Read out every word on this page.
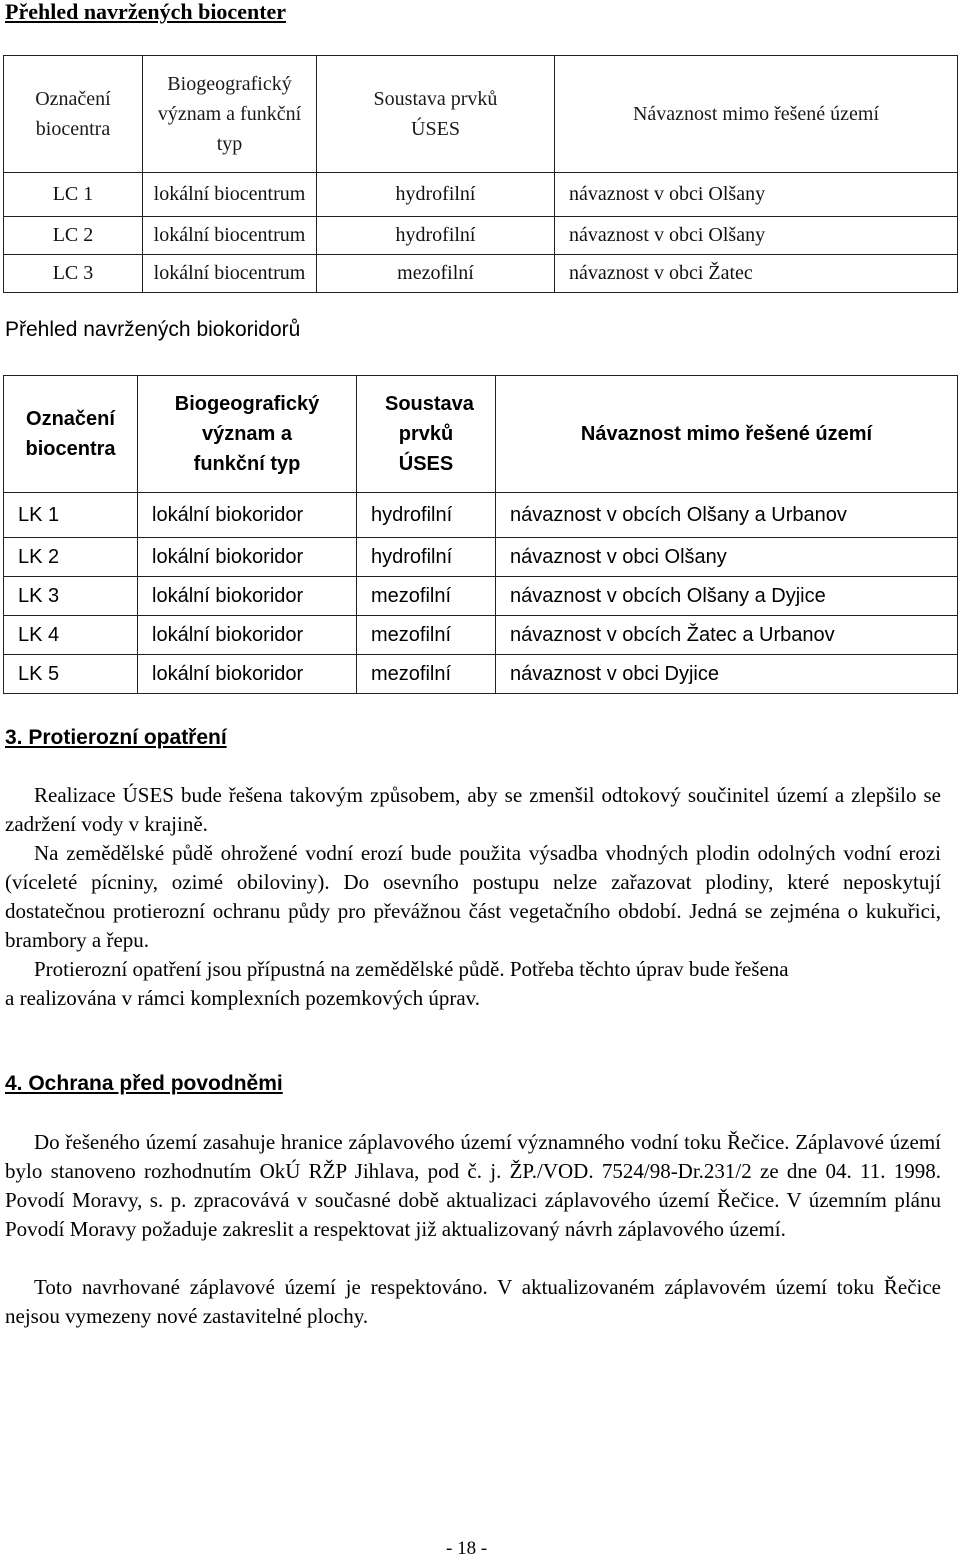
Přehled navržených biocenter
Označení biocentra	Biogeografický význam a funkční typ	Soustava prvků ÚSES	Návaznost mimo řešené území
LC 1	lokální biocentrum	hydrofilní	návaznost v obci Olšany
LC 2	lokální biocentrum	hydrofilní	návaznost v obci Olšany
LC 3	lokální biocentrum	mezofilní	návaznost v obci Žatec
Přehled navržených biokoridorů
Označení biocentra	Biogeografický význam a funkční typ	Soustava prvků ÚSES	Návaznost mimo řešené území
LK 1	lokální biokoridor	hydrofilní	návaznost v obcích Olšany a Urbanov
LK 2	lokální biokoridor	hydrofilní	návaznost v obci Olšany
LK 3	lokální biokoridor	mezofilní	návaznost v obcích Olšany a Dyjice
LK 4	lokální biokoridor	mezofilní	návaznost v obcích Žatec a Urbanov
LK 5	lokální biokoridor	mezofilní	návaznost v obci Dyjice
3. Protierozní opatření
Realizace ÚSES bude řešena takovým způsobem, aby se zmenšil odtokový součinitel území a zlepšilo se zadržení vody v krajině.
Na zemědělské půdě ohrožené vodní erozí bude použita výsadba vhodných plodin odolných vodní erozi (víceleté pícniny, ozimé obiloviny). Do osevního postupu nelze zařazovat plodiny, které neposkytují dostatečnou protierozní ochranu půdy pro převážnou část vegetačního období. Jedná se zejména o kukuřici, brambory a řepu.
Protierozní opatření jsou přípustná na zemědělské půdě. Potřeba těchto úprav bude řešena
a realizována v rámci komplexních pozemkových úprav.
4. Ochrana před povodněmi
Do řešeného území zasahuje hranice záplavového území významného vodní toku Řečice. Záplavové území bylo stanoveno rozhodnutím OkÚ RŽP Jihlava, pod č. j. ŽP./VOD. 7524/98-Dr.231/2 ze dne 04. 11. 1998. Povodí Moravy, s. p. zpracovává v současné době aktualizaci záplavového území Řečice. V územním plánu Povodí Moravy požaduje zakreslit a respektovat již aktualizovaný návrh záplavového území.
Toto navrhované záplavové území je respektováno. V aktualizovaném záplavovém území toku Řečice nejsou vymezeny nové zastavitelné plochy.
- 18 -
